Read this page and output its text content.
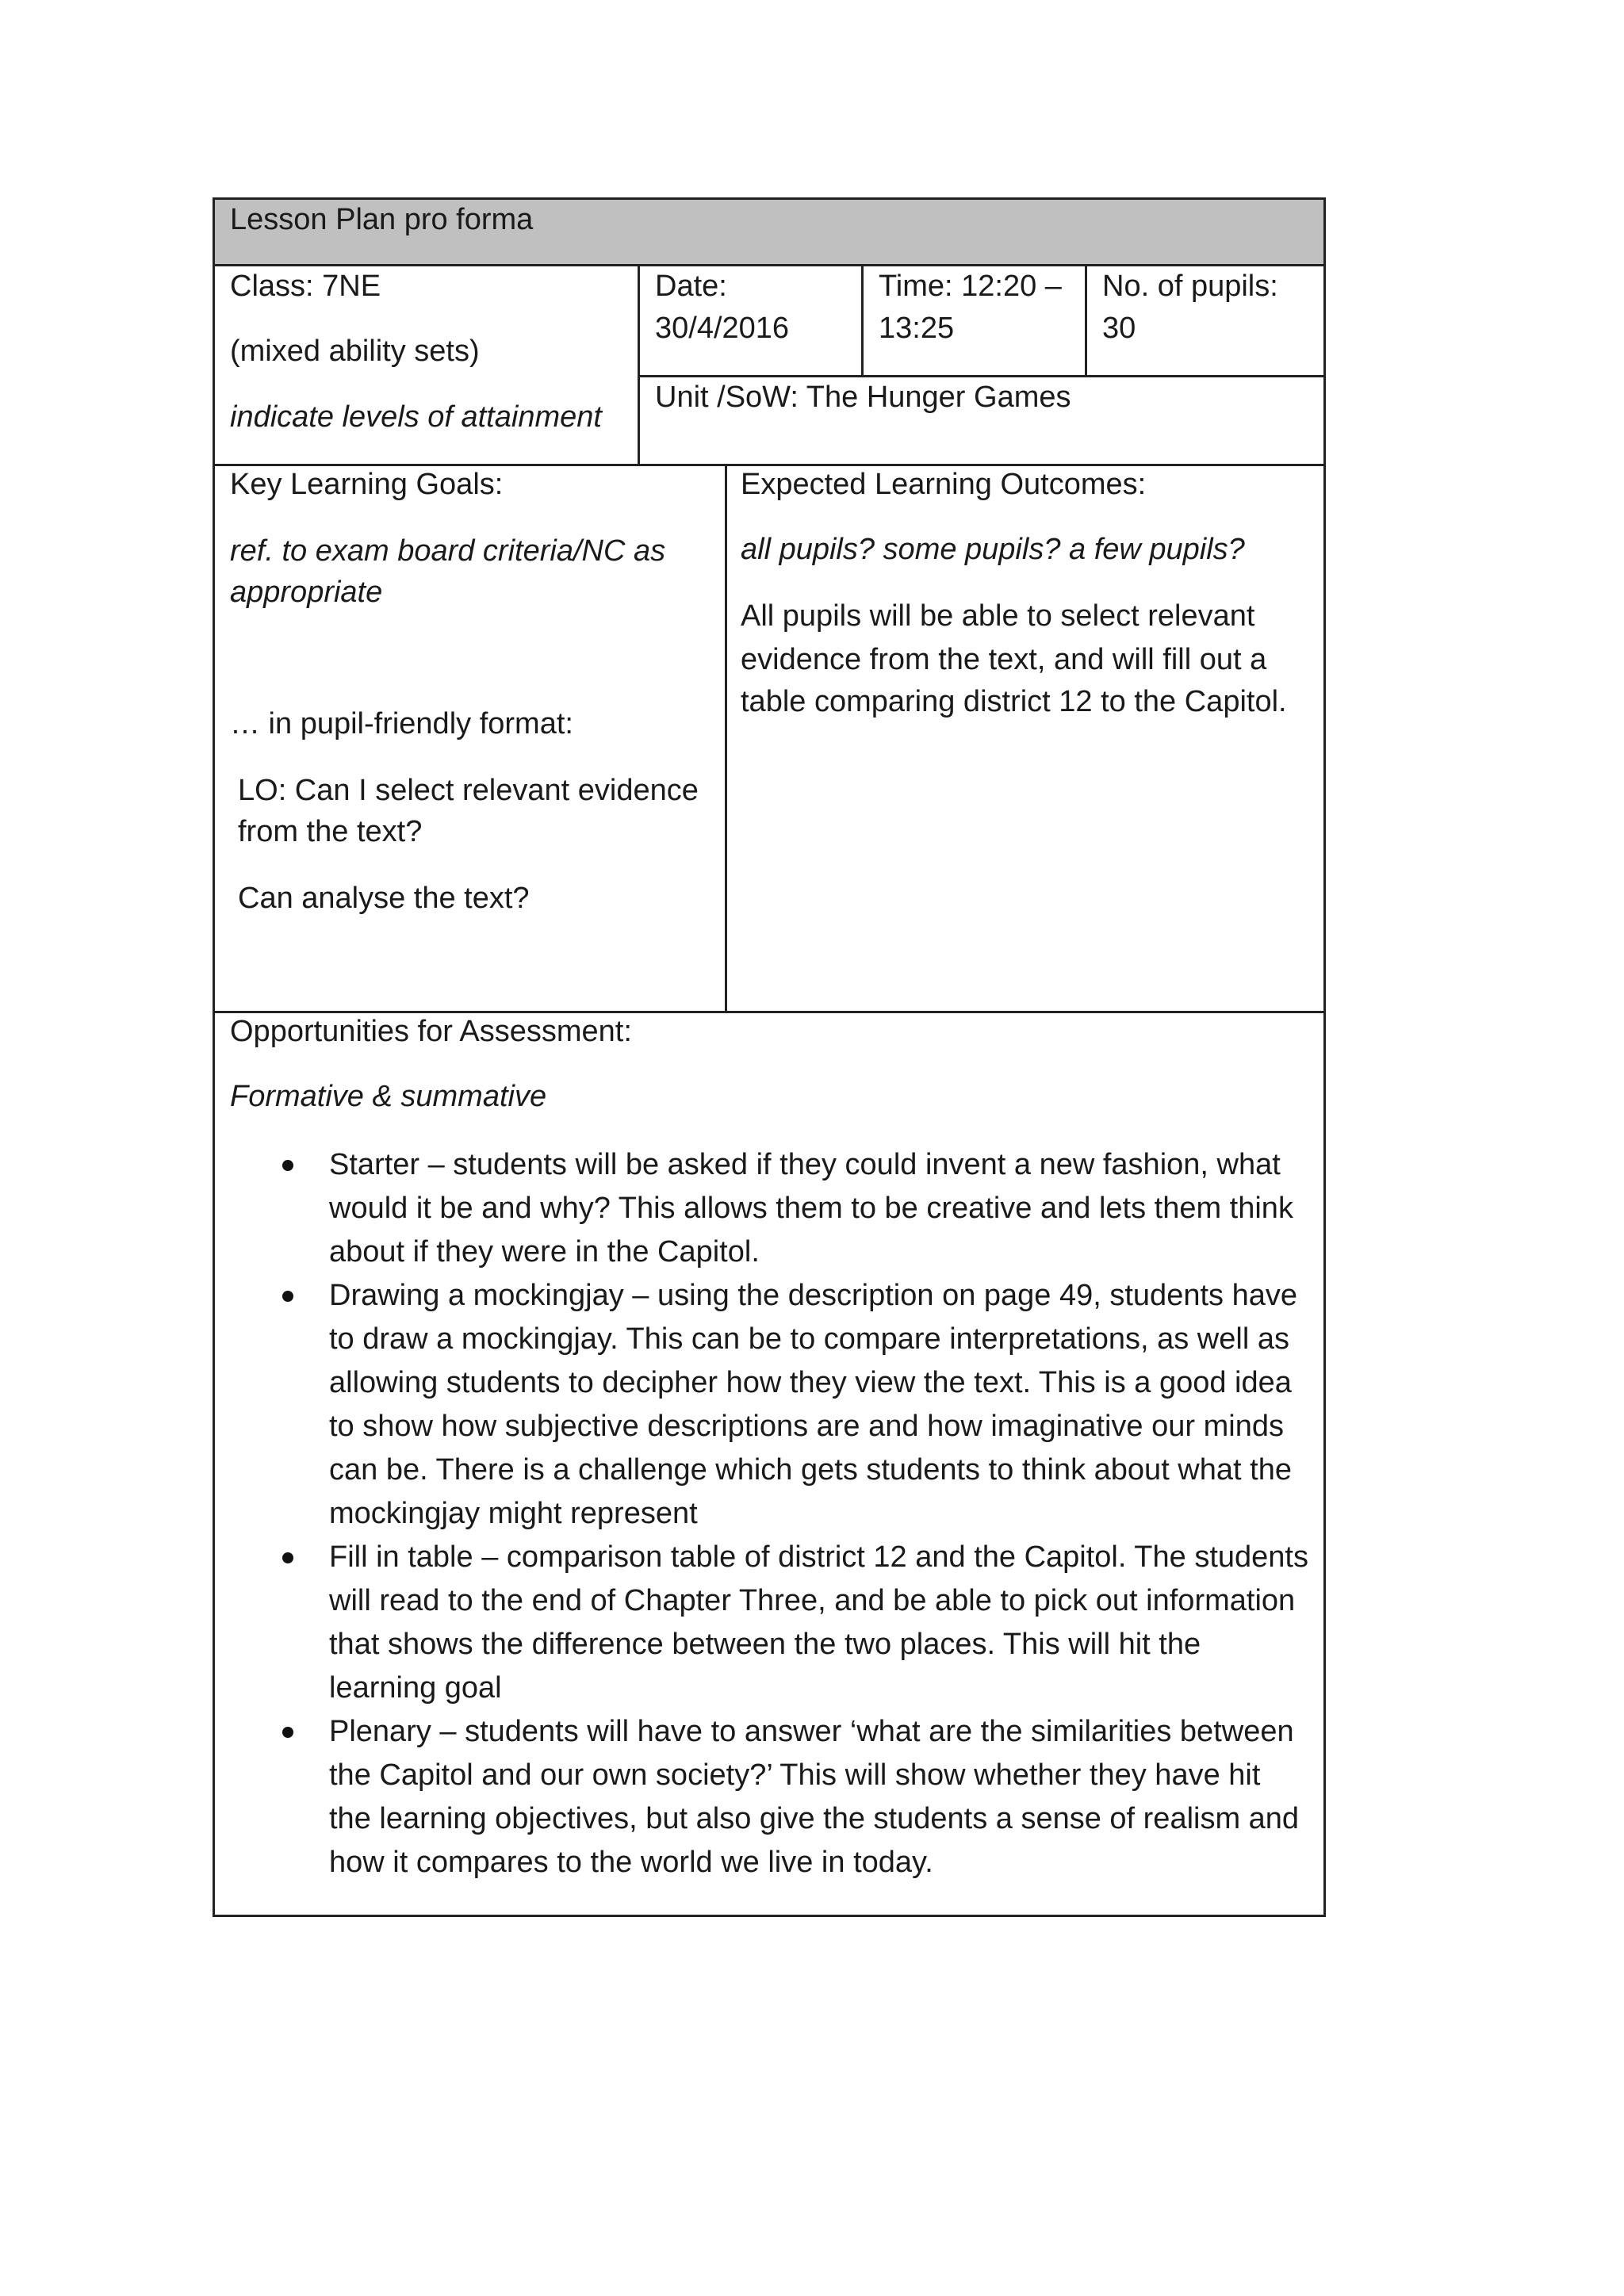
Lesson Plan pro forma
Class: 7NE
(mixed ability sets)
indicate levels of attainment
Date:
30/4/2016
Time: 12:20 –
13:25
No. of pupils:
30
Unit /SoW: The Hunger Games
Key Learning Goals:
ref. to exam board criteria/NC as
appropriate
… in pupil-friendly format:
LO: Can I select relevant evidence
from the text?
Can analyse the text?
Expected Learning Outcomes:
all pupils? some pupils? a few pupils?
All pupils will be able to select relevant
evidence from the text, and will fill out a
table comparing district 12 to the Capitol.
Opportunities for Assessment:
Formative & summative
Starter – students will be asked if they could invent a new fashion, what
would it be and why? This allows them to be creative and lets them think
about if they were in the Capitol.
Drawing a mockingjay – using the description on page 49, students have
to draw a mockingjay. This can be to compare interpretations, as well as
allowing students to decipher how they view the text. This is a good idea
to show how subjective descriptions are and how imaginative our minds
can be. There is a challenge which gets students to think about what the
mockingjay might represent
Fill in table – comparison table of district 12 and the Capitol. The students
will read to the end of Chapter Three, and be able to pick out information
that shows the difference between the two places. This will hit the
learning goal
Plenary – students will have to answer ‘what are the similarities between
the Capitol and our own society?’ This will show whether they have hit
the learning objectives, but also give the students a sense of realism and
how it compares to the world we live in today.
